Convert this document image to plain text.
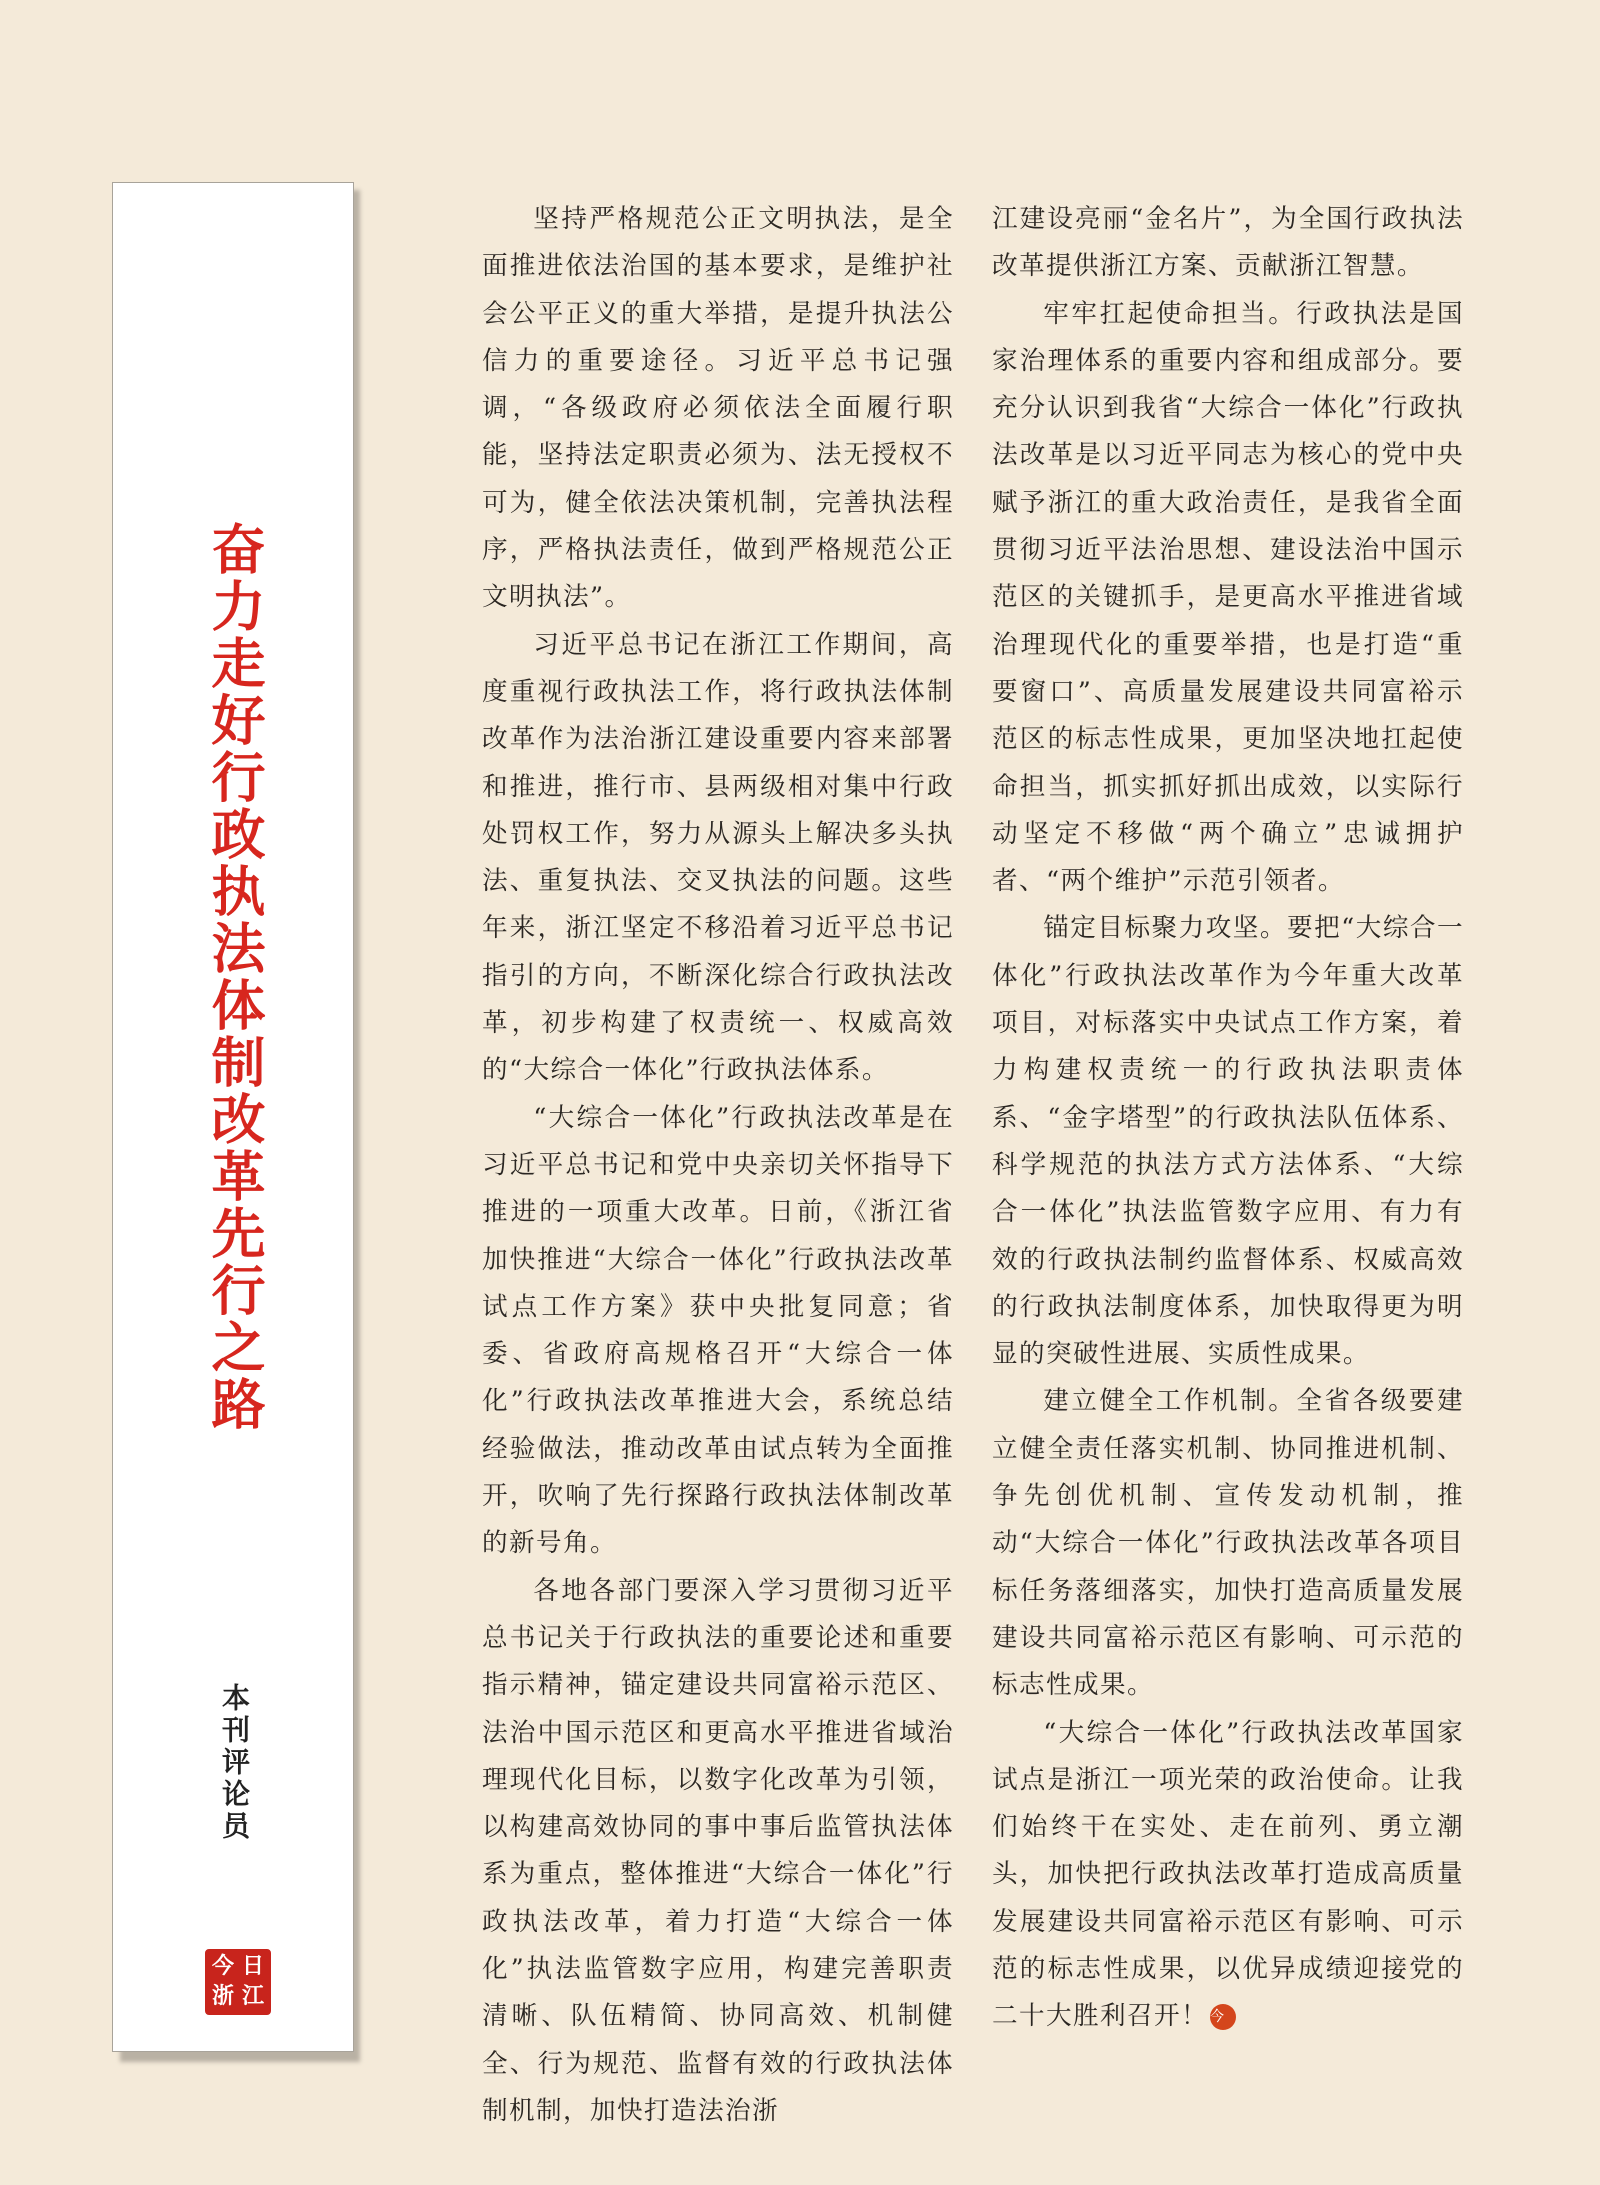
奋力走好行政执法体制改革先行之路
本刊评论员
今 日
浙 江

坚持严格规范公正文明执法，是全面推进依法治国的基本要求，是维护社会公平正义的重大举措，是提升执法公信力的重要途径。习近平总书记强调，“各级政府必须依法全面履行职能，坚持法定职责必须为、法无授权不可为，健全依法决策机制，完善执法程序，严格执法责任，做到严格规范公正文明执法”。

习近平总书记在浙江工作期间，高度重视行政执法工作，将行政执法体制改革作为法治浙江建设重要内容来部署和推进，推行市、县两级相对集中行政处罚权工作，努力从源头上解决多头执法、重复执法、交叉执法的问题。这些年来，浙江坚定不移沿着习近平总书记指引的方向，不断深化综合行政执法改革，初步构建了权责统一、权威高效的“大综合一体化”行政执法体系。

“大综合一体化”行政执法改革是在习近平总书记和党中央亲切关怀指导下推进的一项重大改革。日前，《浙江省加快推进“大综合一体化”行政执法改革试点工作方案》获中央批复同意；省委、省政府高规格召开“大综合一体化”行政执法改革推进大会，系统总结经验做法，推动改革由试点转为全面推开，吹响了先行探路行政执法体制改革的新号角。

各地各部门要深入学习贯彻习近平总书记关于行政执法的重要论述和重要指示精神，锚定建设共同富裕示范区、法治中国示范区和更高水平推进省域治理现代化目标，以数字化改革为引领，以构建高效协同的事中事后监管执法体系为重点，整体推进“大综合一体化”行政执法改革，着力打造“大综合一体化”执法监管数字应用，构建完善职责清晰、队伍精简、协同高效、机制健全、行为规范、监督有效的行政执法体制机制，加快打造法治浙

江建设亮丽“金名片”，为全国行政执法改革提供浙江方案、贡献浙江智慧。

牢牢扛起使命担当。行政执法是国家治理体系的重要内容和组成部分。要充分认识到我省“大综合一体化”行政执法改革是以习近平同志为核心的党中央赋予浙江的重大政治责任，是我省全面贯彻习近平法治思想、建设法治中国示范区的关键抓手，是更高水平推进省域治理现代化的重要举措，也是打造“重要窗口”、高质量发展建设共同富裕示范区的标志性成果，更加坚决地扛起使命担当，抓实抓好抓出成效，以实际行动坚定不移做“两个确立”忠诚拥护者、“两个维护”示范引领者。

锚定目标聚力攻坚。要把“大综合一体化”行政执法改革作为今年重大改革项目，对标落实中央试点工作方案，着力构建权责统一的行政执法职责体系、“金字塔型”的行政执法队伍体系、科学规范的执法方式方法体系、“大综合一体化”执法监管数字应用、有力有效的行政执法制约监督体系、权威高效的行政执法制度体系，加快取得更为明显的突破性进展、实质性成果。

建立健全工作机制。全省各级要建立健全责任落实机制、协同推进机制、争先创优机制、宣传发动机制，推动“大综合一体化”行政执法改革各项目标任务落细落实，加快打造高质量发展建设共同富裕示范区有影响、可示范的标志性成果。

“大综合一体化”行政执法改革国家试点是浙江一项光荣的政治使命。让我们始终干在实处、走在前列、勇立潮头，加快把行政执法改革打造成高质量发展建设共同富裕示范区有影响、可示范的标志性成果，以优异成绩迎接党的二十大胜利召开！ 今
